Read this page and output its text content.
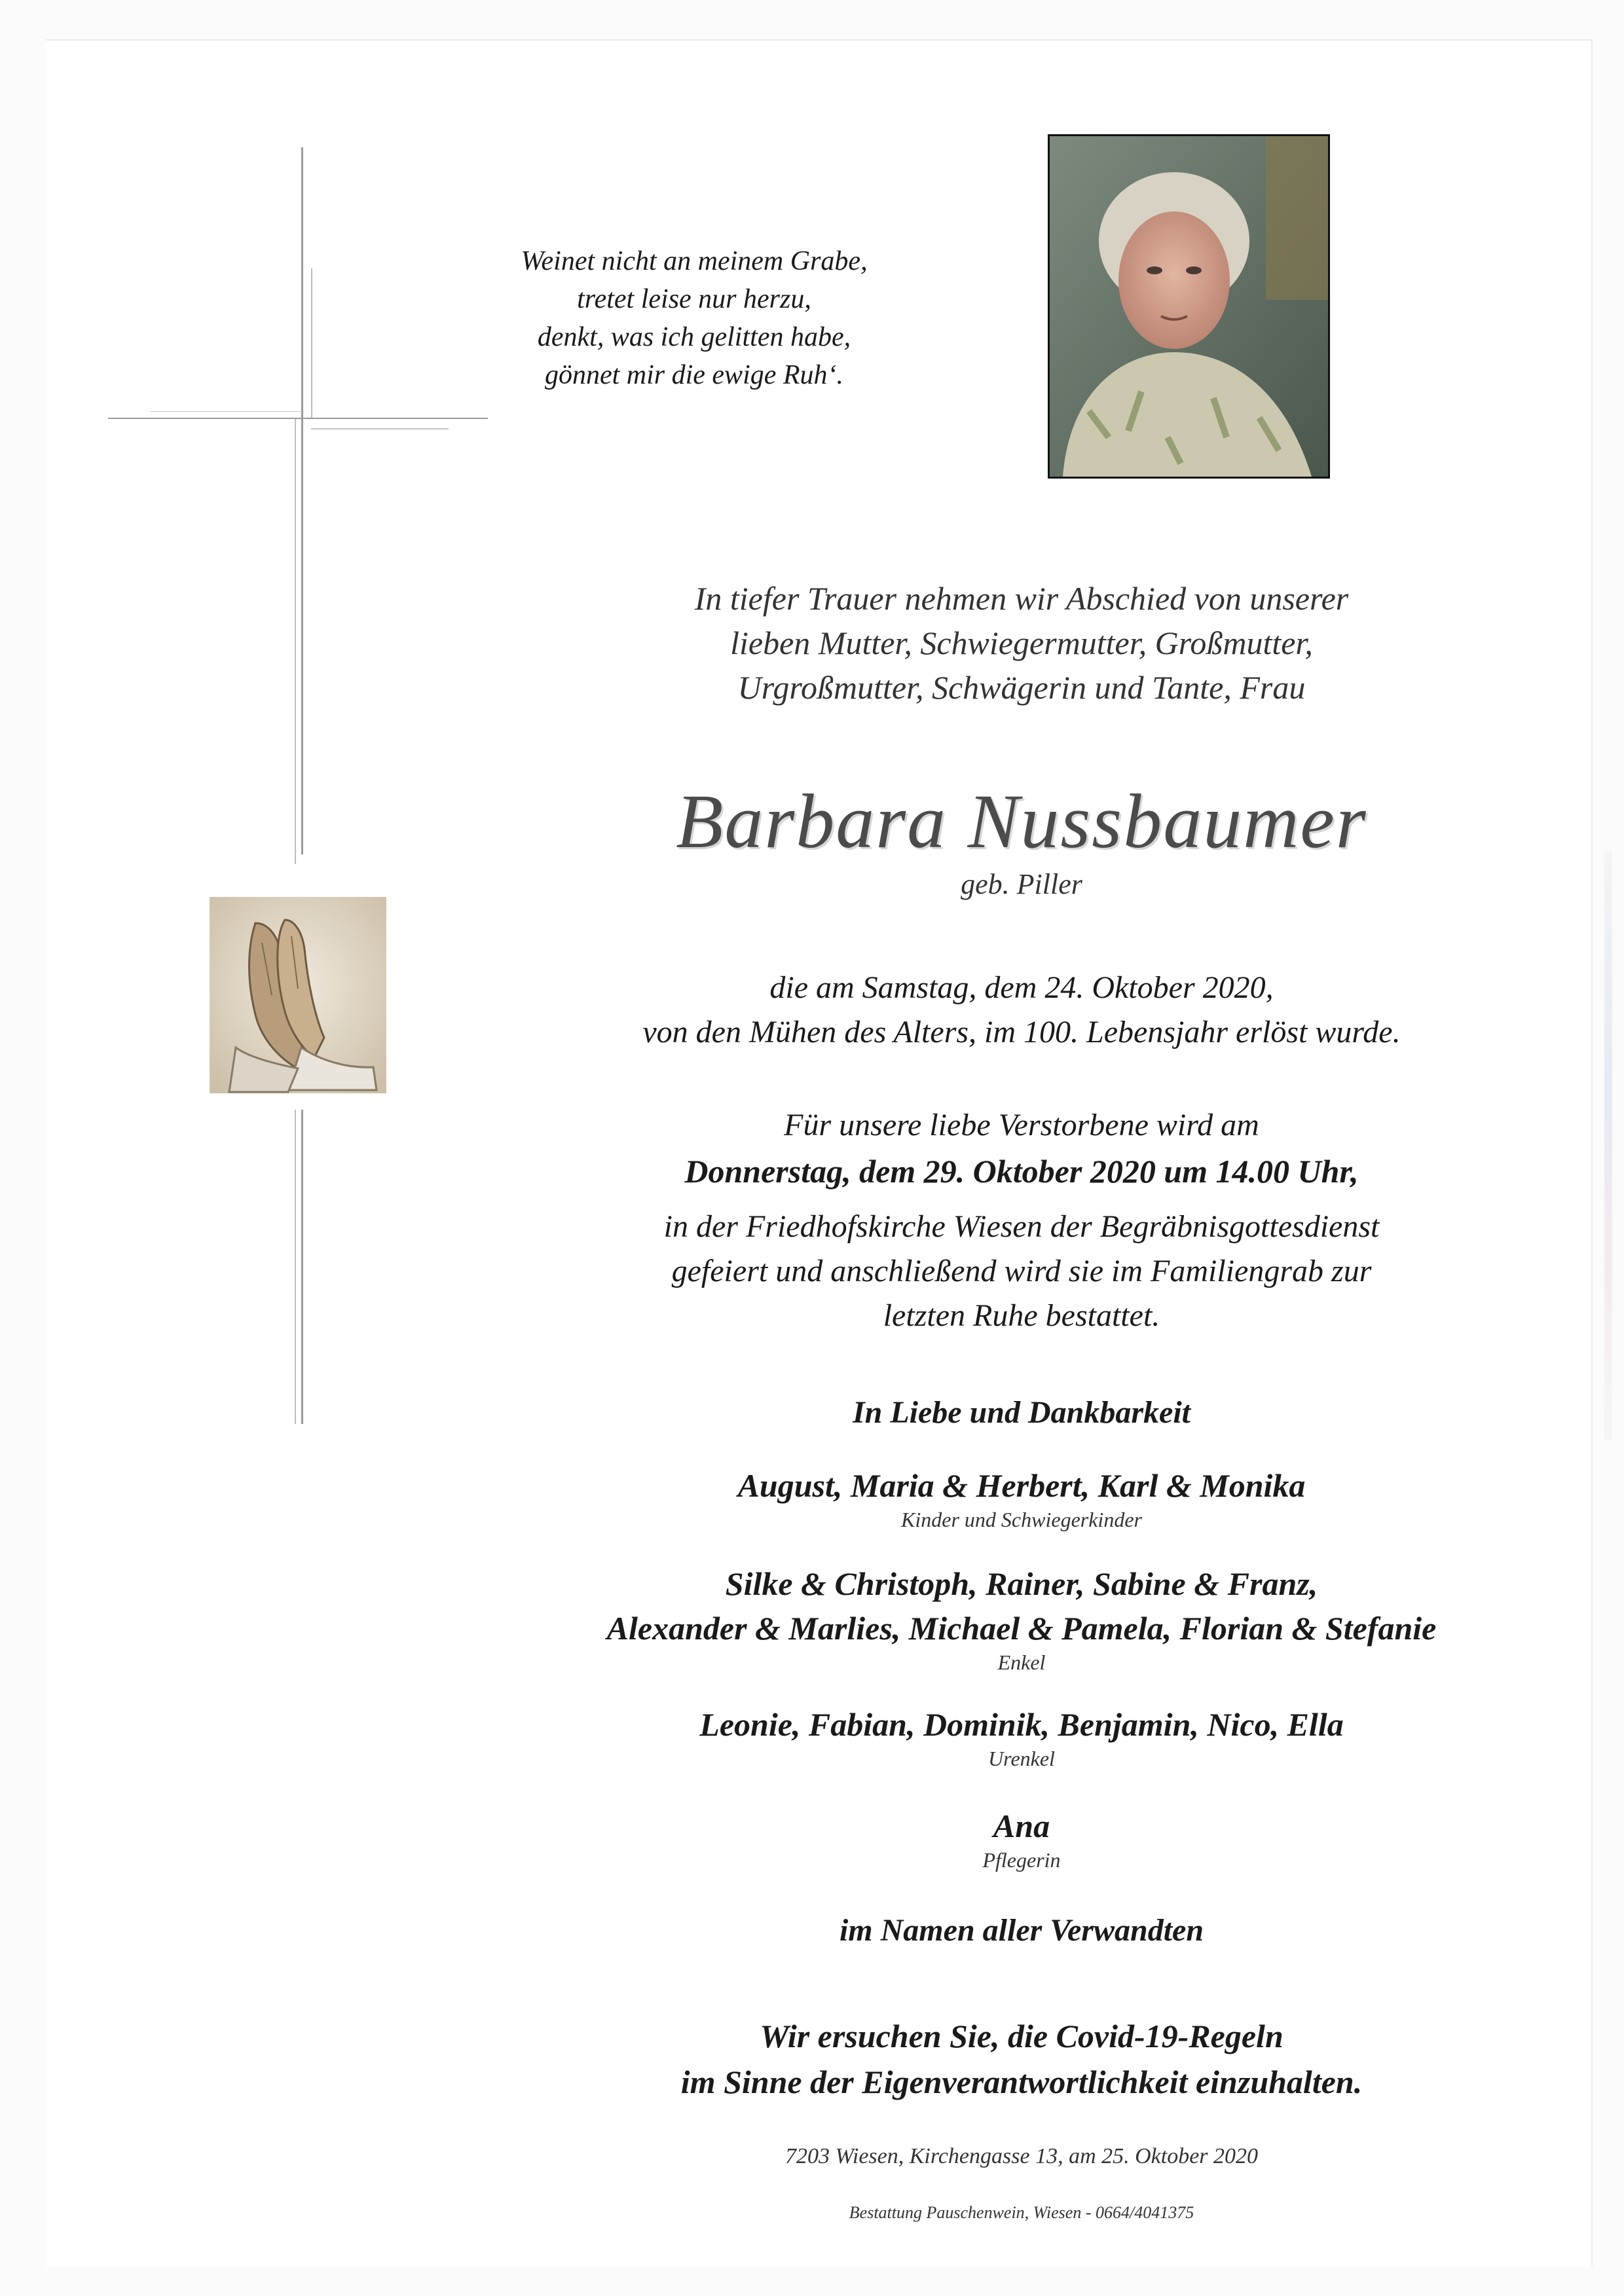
Weinet nicht an meinem Grabe,
tretet leise nur herzu,
denkt, was ich gelitten habe,
gönnet mir die ewige Ruh‘.
In tiefer Trauer nehmen wir Abschied von unserer
lieben Mutter, Schwiegermutter, Großmutter,
Urgroßmutter, Schwägerin und Tante, Frau
Barbara Nussbaumer
geb. Piller
die am Samstag, dem 24. Oktober 2020,
von den Mühen des Alters, im 100. Lebensjahr erlöst wurde.
Für unsere liebe Verstorbene wird am
Donnerstag, dem 29. Oktober 2020 um 14.00 Uhr,
in der Friedhofskirche Wiesen der Begräbnisgottesdienst
gefeiert und anschließend wird sie im Familiengrab zur
letzten Ruhe bestattet.
In Liebe und Dankbarkeit
August, Maria & Herbert, Karl & Monika
Kinder und Schwiegerkinder
Silke & Christoph, Rainer, Sabine & Franz,
Alexander & Marlies, Michael & Pamela, Florian & Stefanie
Enkel
Leonie, Fabian, Dominik, Benjamin, Nico, Ella
Urenkel
Ana
Pflegerin
im Namen aller Verwandten
Wir ersuchen Sie, die Covid-19-Regeln
im Sinne der Eigenverantwortlichkeit einzuhalten.
7203 Wiesen, Kirchengasse 13, am 25. Oktober 2020
Bestattung Pauschenwein, Wiesen - 0664/4041375
